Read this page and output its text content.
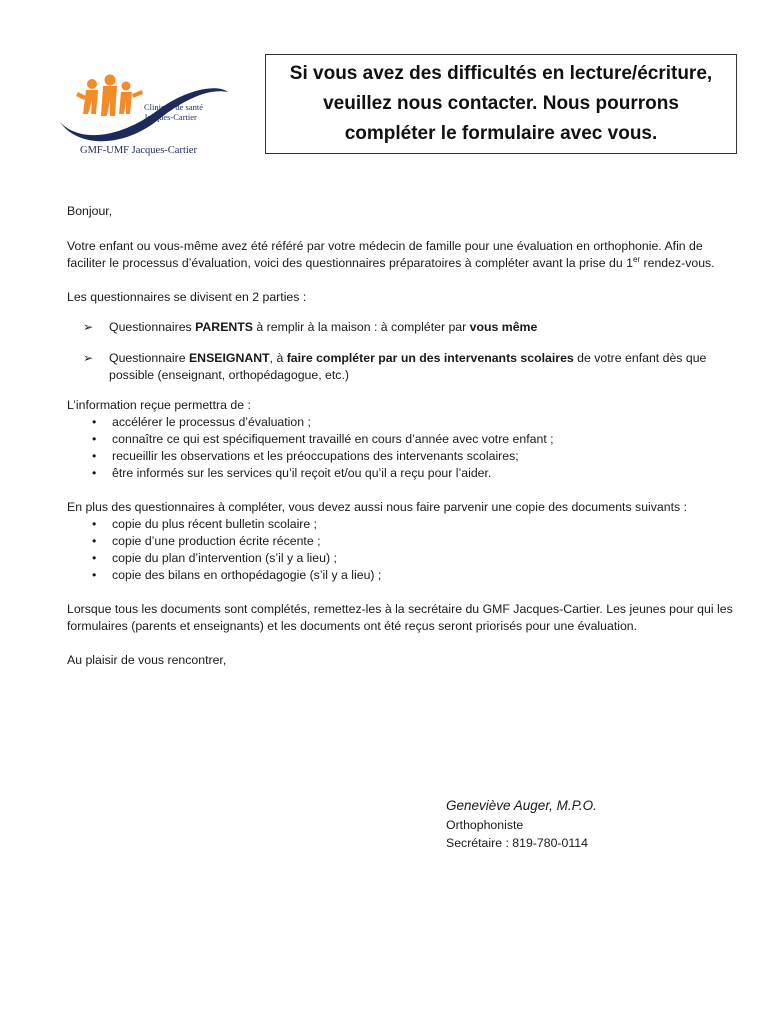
Clinique de santé
Jacques-Cartier
GMF-UMF Jacques-Cartier
Si vous avez des difficultés en lecture/écriture,
veuillez nous contacter. Nous pourrons
compléter le formulaire avec vous.

Bonjour,

Votre enfant ou vous-même avez été référé par votre médecin de famille pour une évaluation en orthophonie. Afin de faciliter le processus d’évaluation, voici des questionnaires préparatoires à compléter avant la prise du 1er rendez-vous.

Les questionnaires se divisent en 2 parties :

➢ Questionnaires PARENTS à remplir à la maison : à compléter par vous même
➢ Questionnaire ENSEIGNANT, à faire compléter par un des intervenants scolaires de votre enfant dès que possible (enseignant, orthopédagogue, etc.)

L’information reçue permettra de :

• accélérer le processus d’évaluation ;
• connaître ce qui est spécifiquement travaillé en cours d’année avec votre enfant ;
• recueillir les observations et les préoccupations des intervenants scolaires;
• être informés sur les services qu’il reçoit et/ou qu’il a reçu pour l’aider.

En plus des questionnaires à compléter, vous devez aussi nous faire parvenir une copie des documents suivants :

• copie du plus récent bulletin scolaire ;
• copie d’une production écrite récente ;
• copie du plan d’intervention (s’il y a lieu) ;
• copie des bilans en orthopédagogie (s’il y a lieu) ;

Lorsque tous les documents sont complétés, remettez-les à la secrétaire du GMF Jacques-Cartier. Les jeunes pour qui les formulaires (parents et enseignants) et les documents ont été reçus seront priorisés pour une évaluation.

Au plaisir de vous rencontrer,

Geneviève Auger, M.P.O.
Orthophoniste
Secrétaire : 819-780-0114
